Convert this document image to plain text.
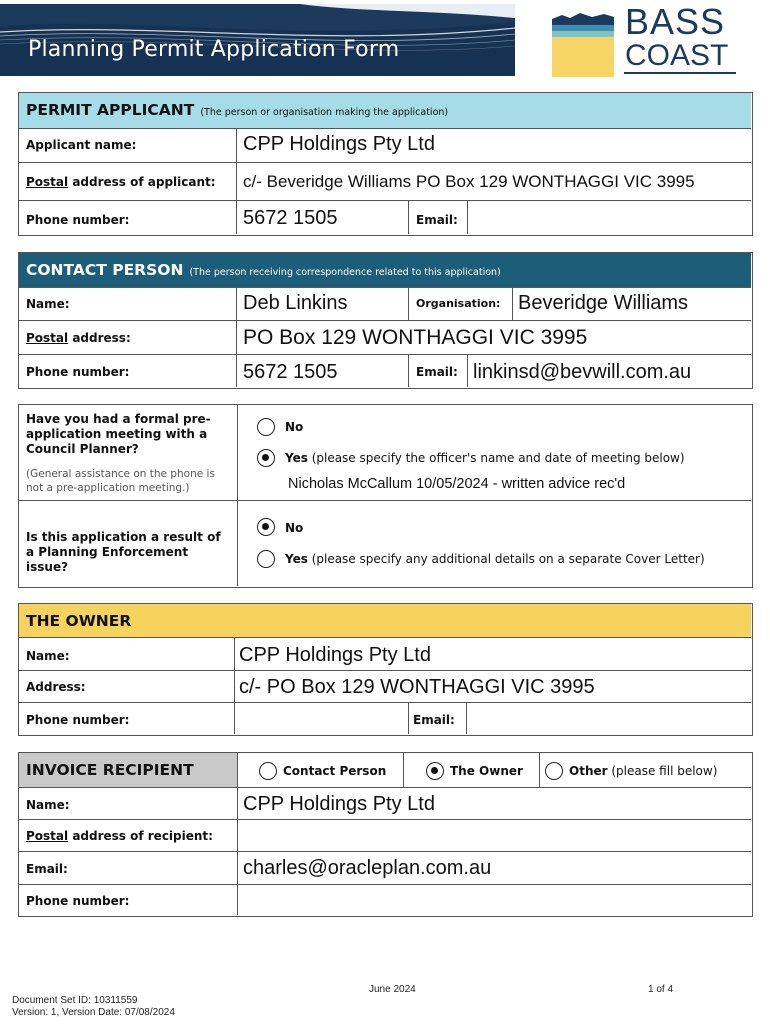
Planning Permit Application Form
BASS
COAST
PERMIT APPLICANT (The person or organisation making the application)
Applicant name:	CPP Holdings Pty Ltd
Postal address of applicant: c/- Beveridge Williams PO Box 129 WONTHAGGI VIC 3995
Phone number:	5672 1505	Email:
CONTACT PERSON (The person receiving correspondence related to this application)
Name:	Deb Linkins	Organisation: Beveridge Williams
Postal address:	PO Box 129 WONTHAGGI VIC 3995
Phone number:	5672 1505	Email: linkinsd@bevwill.com.au
Have you had a formal pre-application meeting with a Council Planner?
(General assistance on the phone is not a pre-application meeting.)
No
Yes (please specify the officer's name and date of meeting below)
Nicholas McCallum 10/05/2024 - written advice rec'd
Is this application a result of a Planning Enforcement issue?
No
Yes (please specify any additional details on a separate Cover Letter)
THE OWNER
Name:	CPP Holdings Pty Ltd
Address:	c/- PO Box 129 WONTHAGGI VIC 3995
Phone number:	Email:
INVOICE RECIPIENT	Contact Person	The Owner	Other (please fill below)
Name:	CPP Holdings Pty Ltd
Postal address of recipient:
Email:	charles@oracleplan.com.au
Phone number:
June 2024	1 of 4
Document Set ID: 10311559
Version: 1, Version Date: 07/08/2024
